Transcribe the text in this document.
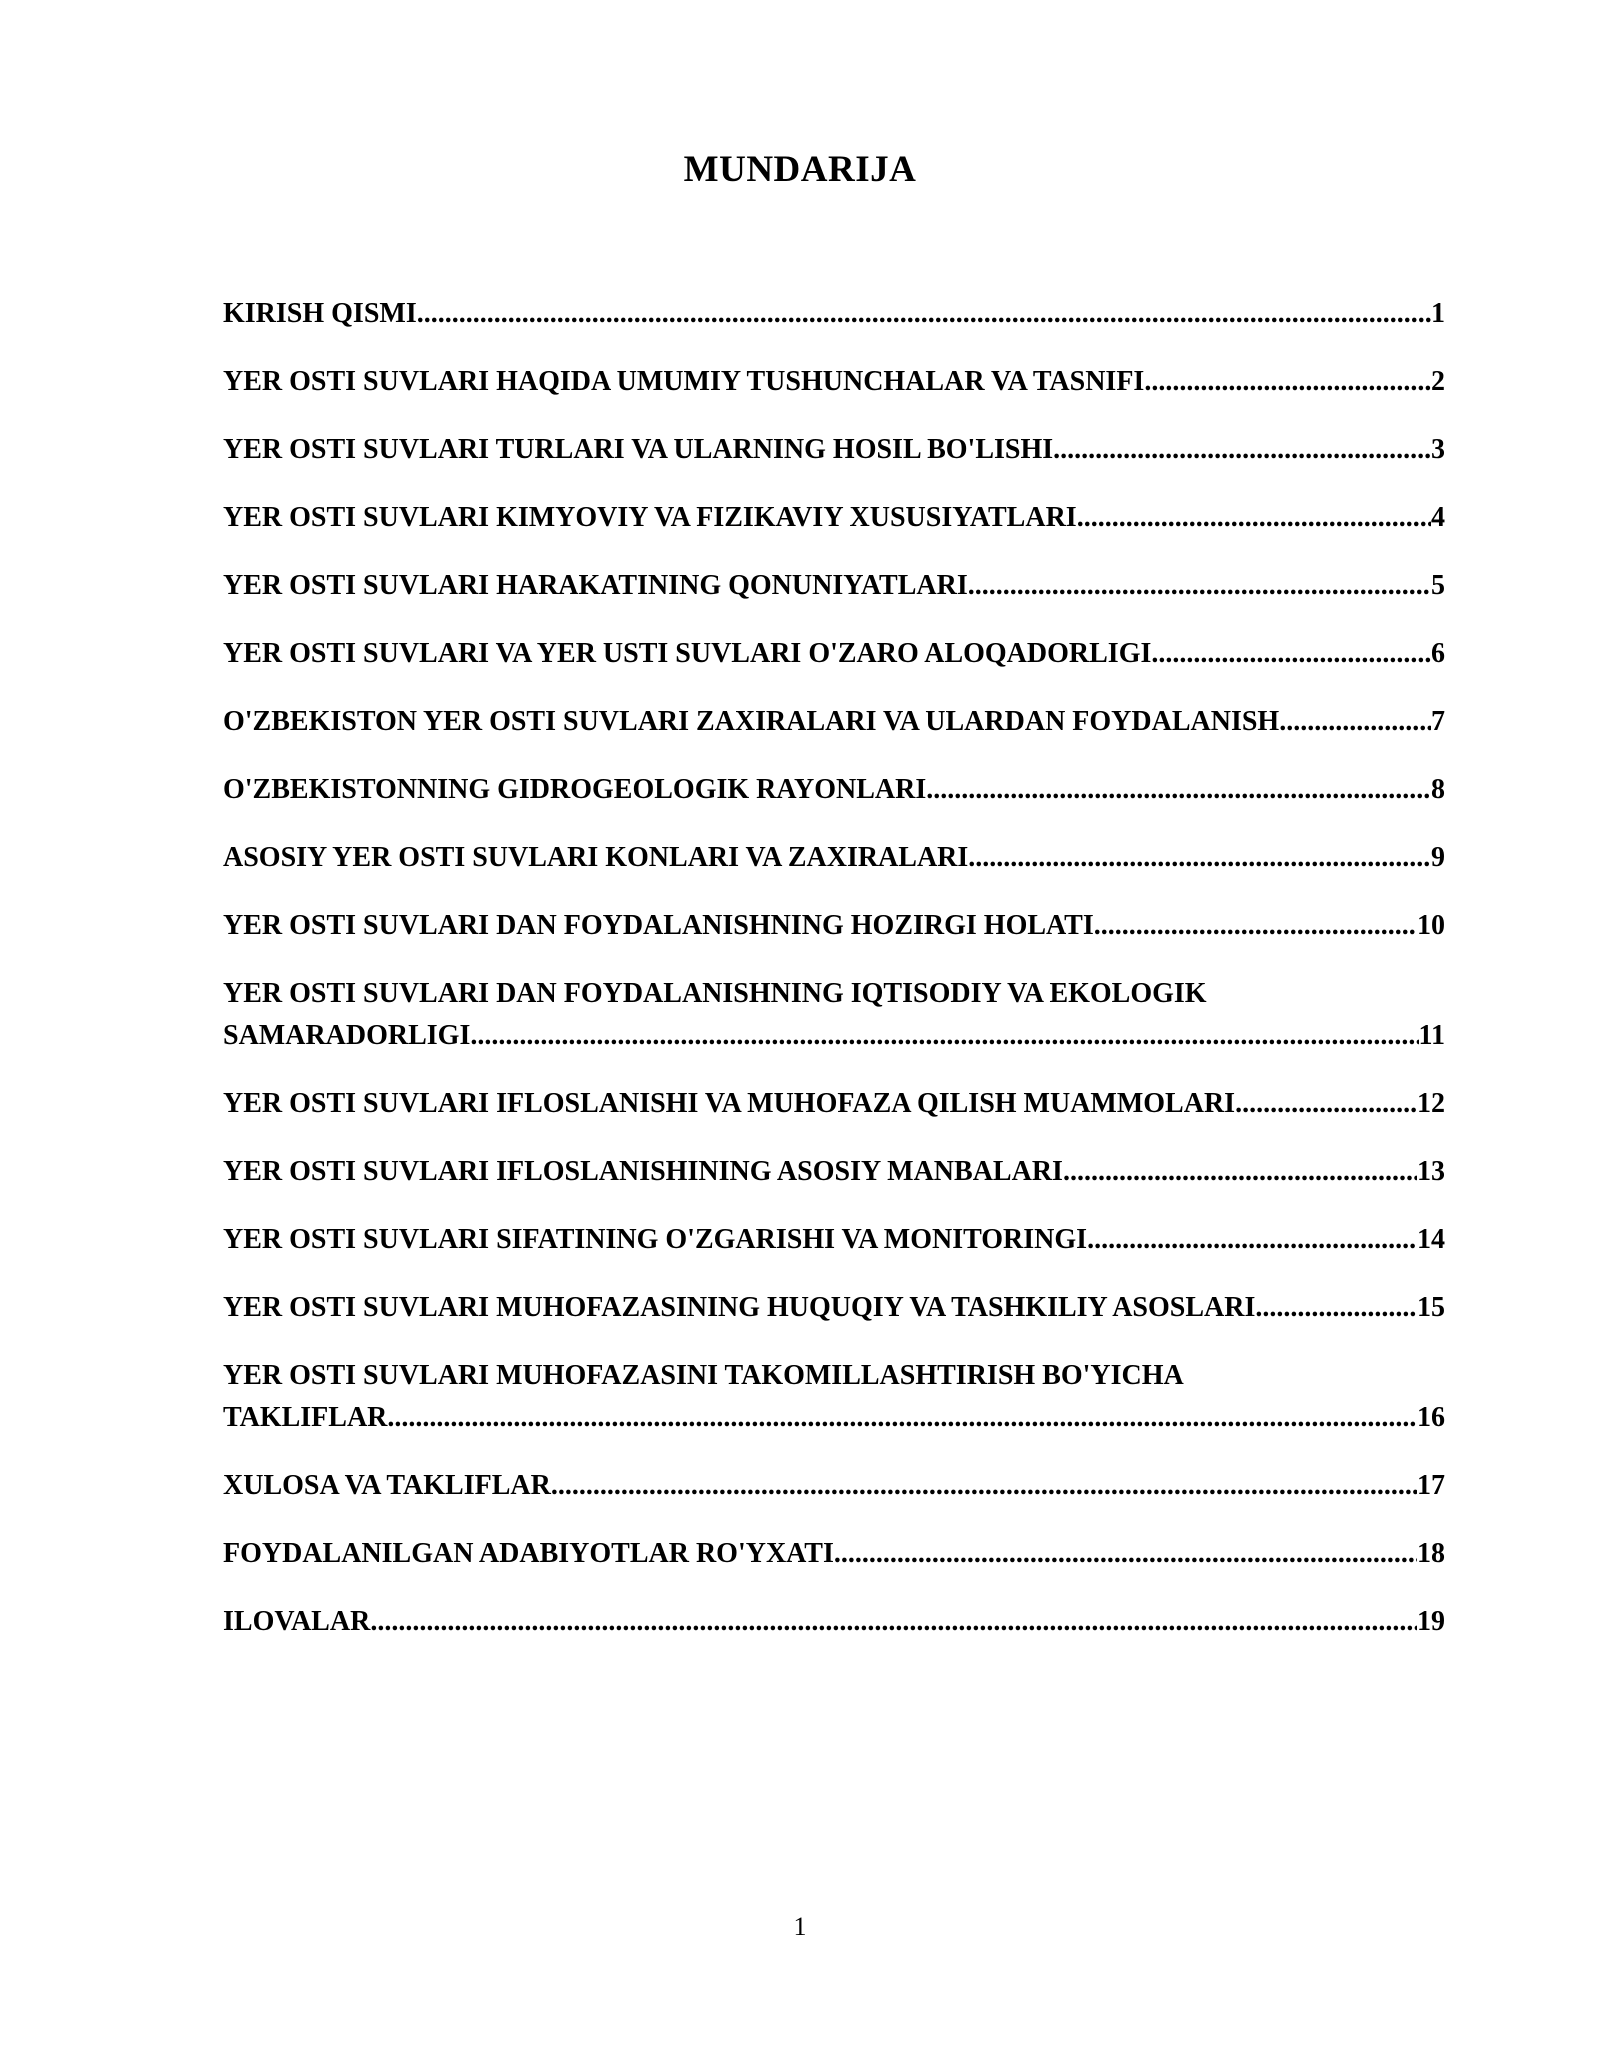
MUNDARIJA
KIRISH QISMI .....	1
YER OSTI SUVLARI HAQIDA UMUMIY TUSHUNCHALAR VA TASNIFI .....	2
YER OSTI SUVLARI TURLARI VA ULARNING HOSIL BO'LISHI .....	3
YER OSTI SUVLARI KIMYOVIY VA FIZIKAVIY XUSUSIYATLARI .....	4
YER OSTI SUVLARI HARAKATINING QONUNIYATLARI .....	5
YER OSTI SUVLARI VA YER USTI SUVLARI O'ZARO ALOQADORLIGI .....	6
O'ZBEKISTON YER OSTI SUVLARI ZAXIRALARI VA ULARDAN FOYDALANISH .....	7
O'ZBEKISTONNING GIDROGEOLOGIK RAYONLARI .....	8
ASOSIY YER OSTI SUVLARI KONLARI VA ZAXIRALARI .....	9
YER OSTI SUVLARI DAN FOYDALANISHNING HOZIRGI HOLATI .....	10
YER OSTI SUVLARI DAN FOYDALANISHNING IQTISODIY VA EKOLOGIK
SAMARADORLIGI .....	11
YER OSTI SUVLARI IFLOSLANISHI VA MUHOFAZA QILISH MUAMMOLARI .....	12
YER OSTI SUVLARI IFLOSLANISHINING ASOSIY MANBALARI .....	13
YER OSTI SUVLARI SIFATINING O'ZGARISHI VA MONITORINGI .....	14
YER OSTI SUVLARI MUHOFAZASINING HUQUQIY VA TASHKILIY ASOSLARI .....	15
YER OSTI SUVLARI MUHOFAZASINI TAKOMILLASHTIRISH BO'YICHA
TAKLIFLAR .....	16
XULOSA VA TAKLIFLAR .....	17
FOYDALANILGAN ADABIYOTLAR RO'YXATI .....	18
ILOVALAR .....	19
1
